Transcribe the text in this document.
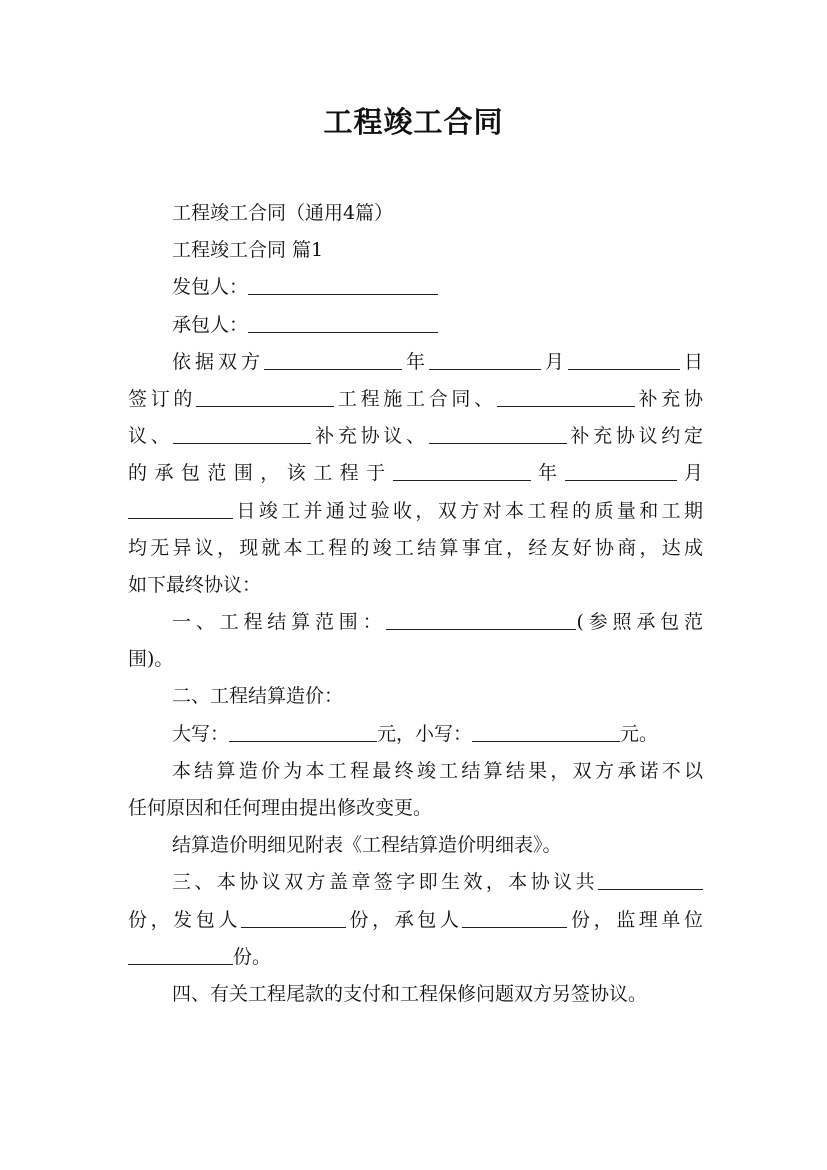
工程竣工合同
工程竣工合同（通用4篇）
工程竣工合同 篇1
发包人：
承包人：
依据双方	年	月	日
签订的	工程施工合同、	补充协
议、	补充协议、	补充协议约定
的承包范围，该工程于	年	月
日竣工并通过验收，双方对本工程的质量和工期
均无异议，现就本工程的竣工结算事宜，经友好协商，达成
如下最终协议：
一、工程结算范围：	(参照承包范
围)。
二、工程结算造价：
大写：	元，小写：	元。
本结算造价为本工程最终竣工结算结果，双方承诺不以
任何原因和任何理由提出修改变更。
结算造价明细见附表《工程结算造价明细表》。
三、本协议双方盖章签字即生效，本协议共
份，发包人	份，承包人	份，监理单位
份。
四、有关工程尾款的支付和工程保修问题双方另签协议。
